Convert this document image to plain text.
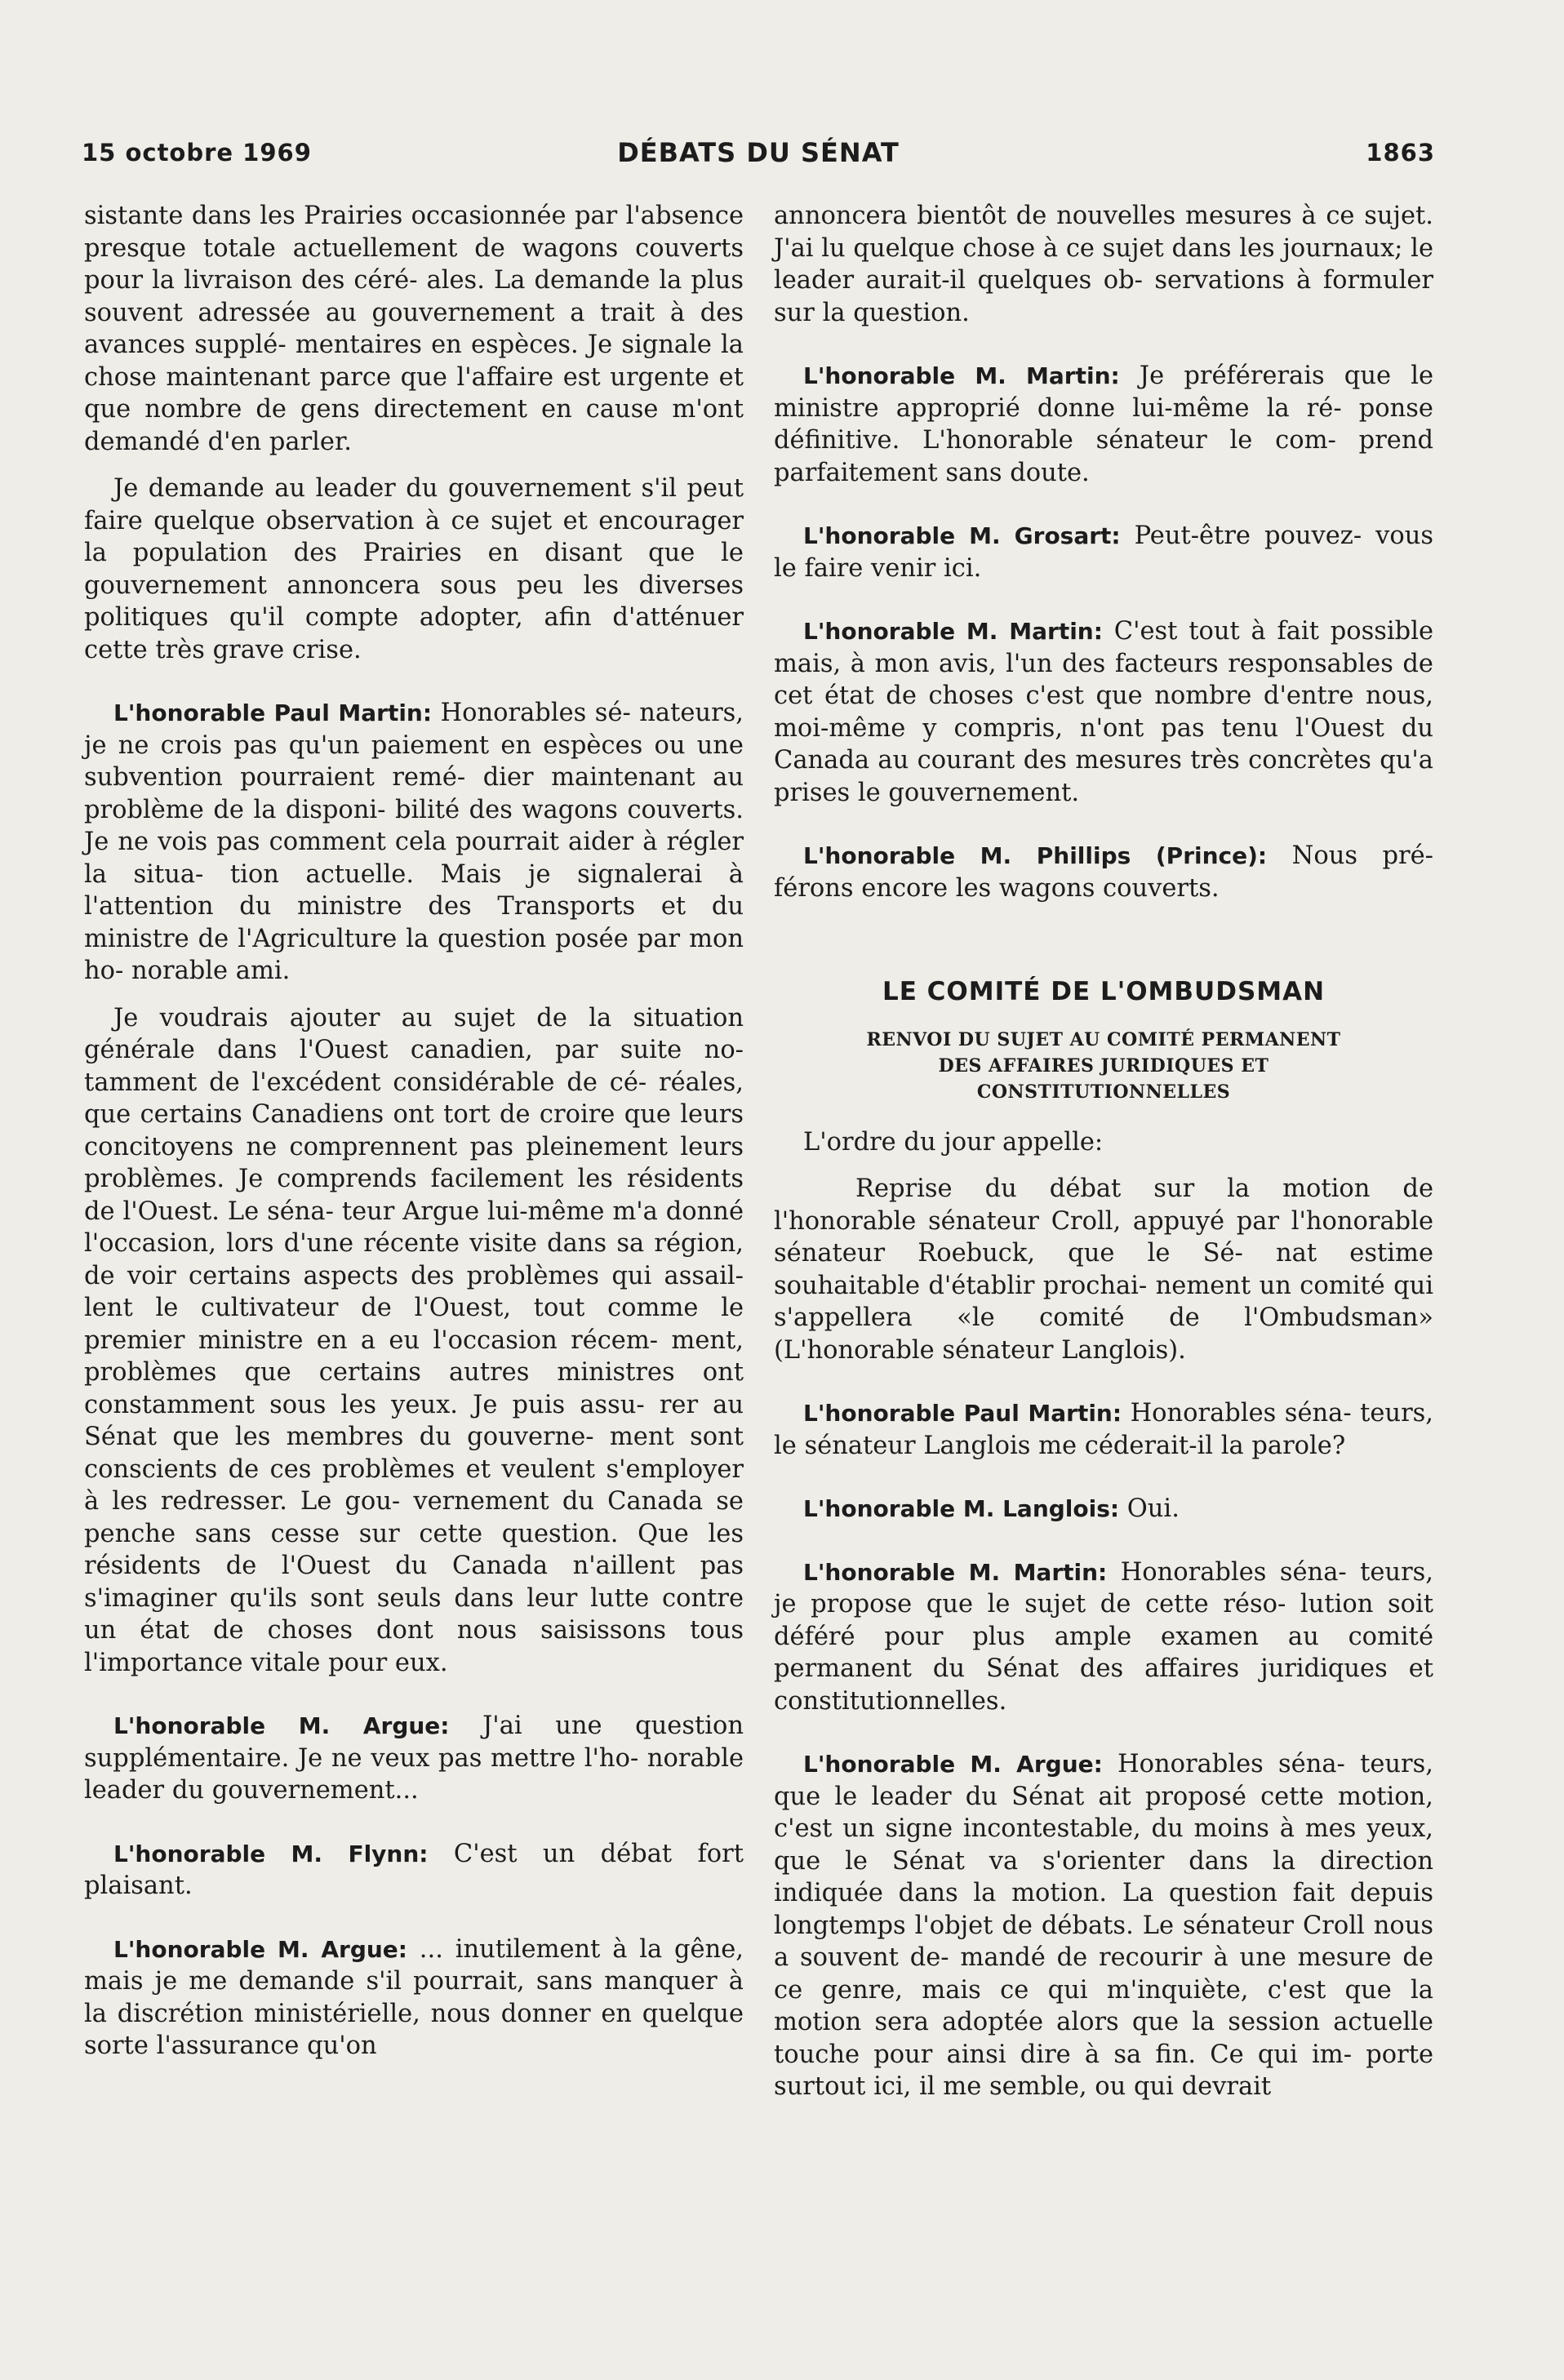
15 octobre 1969	DÉBATS DU SÉNAT	1863

sistante dans les Prairies occasionnée par l'absence presque totale actuellement de wagons couverts pour la livraison des céré- ales. La demande la plus souvent adressée au gouvernement a trait à des avances supplé- mentaires en espèces. Je signale la chose maintenant parce que l'affaire est urgente et que nombre de gens directement en cause m'ont demandé d'en parler.

Je demande au leader du gouvernement s'il peut faire quelque observation à ce sujet et encourager la population des Prairies en disant que le gouvernement annoncera sous peu les diverses politiques qu'il compte adopter, afin d'atténuer cette très grave crise.

L'honorable Paul Martin: Honorables sé- nateurs, je ne crois pas qu'un paiement en espèces ou une subvention pourraient remé- dier maintenant au problème de la disponi- bilité des wagons couverts. Je ne vois pas comment cela pourrait aider à régler la situa- tion actuelle. Mais je signalerai à l'attention du ministre des Transports et du ministre de l'Agriculture la question posée par mon ho- norable ami.

Je voudrais ajouter au sujet de la situation générale dans l'Ouest canadien, par suite no- tamment de l'excédent considérable de cé- réales, que certains Canadiens ont tort de croire que leurs concitoyens ne comprennent pas pleinement leurs problèmes. Je comprends facilement les résidents de l'Ouest. Le séna- teur Argue lui-même m'a donné l'occasion, lors d'une récente visite dans sa région, de voir certains aspects des problèmes qui assail- lent le cultivateur de l'Ouest, tout comme le premier ministre en a eu l'occasion récem- ment, problèmes que certains autres ministres ont constamment sous les yeux. Je puis assu- rer au Sénat que les membres du gouverne- ment sont conscients de ces problèmes et veulent s'employer à les redresser. Le gou- vernement du Canada se penche sans cesse sur cette question. Que les résidents de l'Ouest du Canada n'aillent pas s'imaginer qu'ils sont seuls dans leur lutte contre un état de choses dont nous saisissons tous l'importance vitale pour eux.

L'honorable M. Argue: J'ai une question supplémentaire. Je ne veux pas mettre l'ho- norable leader du gouvernement...

L'honorable M. Flynn: C'est un débat fort plaisant.

L'honorable M. Argue: ... inutilement à la gêne, mais je me demande s'il pourrait, sans manquer à la discrétion ministérielle, nous donner en quelque sorte l'assurance qu'on

annoncera bientôt de nouvelles mesures à ce sujet. J'ai lu quelque chose à ce sujet dans les journaux; le leader aurait-il quelques ob- servations à formuler sur la question.

L'honorable M. Martin: Je préférerais que le ministre approprié donne lui-même la ré- ponse définitive. L'honorable sénateur le com- prend parfaitement sans doute.

L'honorable M. Grosart: Peut-être pouvez- vous le faire venir ici.

L'honorable M. Martin: C'est tout à fait possible mais, à mon avis, l'un des facteurs responsables de cet état de choses c'est que nombre d'entre nous, moi-même y compris, n'ont pas tenu l'Ouest du Canada au courant des mesures très concrètes qu'a prises le gouvernement.

L'honorable M. Phillips (Prince): Nous pré- férons encore les wagons couverts.

LE COMITÉ DE L'OMBUDSMAN
RENVOI DU SUJET AU COMITÉ PERMANENT
DES AFFAIRES JURIDIQUES ET
CONSTITUTIONNELLES

L'ordre du jour appelle:

Reprise du débat sur la motion de l'honorable sénateur Croll, appuyé par l'honorable sénateur Roebuck, que le Sé- nat estime souhaitable d'établir prochai- nement un comité qui s'appellera «le comité de l'Ombudsman» (L'honorable sénateur Langlois).

L'honorable Paul Martin: Honorables séna- teurs, le sénateur Langlois me céderait-il la parole?

L'honorable M. Langlois: Oui.

L'honorable M. Martin: Honorables séna- teurs, je propose que le sujet de cette réso- lution soit déféré pour plus ample examen au comité permanent du Sénat des affaires juridiques et constitutionnelles.

L'honorable M. Argue: Honorables séna- teurs, que le leader du Sénat ait proposé cette motion, c'est un signe incontestable, du moins à mes yeux, que le Sénat va s'orienter dans la direction indiquée dans la motion. La question fait depuis longtemps l'objet de débats. Le sénateur Croll nous a souvent de- mandé de recourir à une mesure de ce genre, mais ce qui m'inquiète, c'est que la motion sera adoptée alors que la session actuelle touche pour ainsi dire à sa fin. Ce qui im- porte surtout ici, il me semble, ou qui devrait
